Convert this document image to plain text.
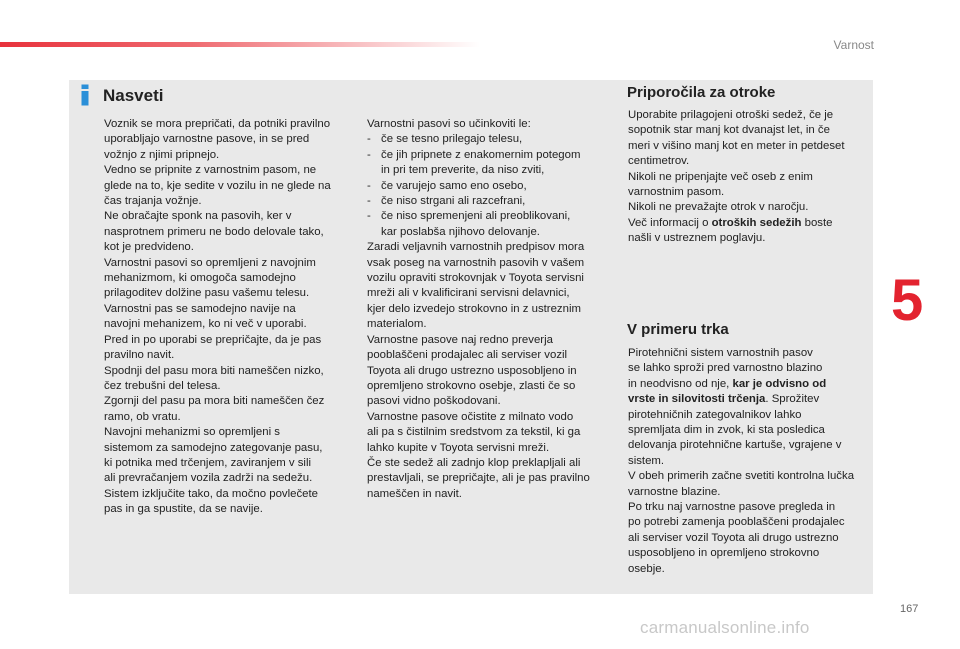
Varnost
Nasveti
Voznik se mora prepričati, da potniki pravilno
uporabljajo varnostne pasove, in se pred
vožnjo z njimi pripnejo.
Vedno se pripnite z varnostnim pasom, ne
glede na to, kje sedite v vozilu in ne glede na
čas trajanja vožnje.
Ne obračajte sponk na pasovih, ker v
nasprotnem primeru ne bodo delovale tako,
kot je predvideno.
Varnostni pasovi so opremljeni z navojnim
mehanizmom, ki omogoča samodejno
prilagoditev dolžine pasu vašemu telesu.
Varnostni pas se samodejno navije na
navojni mehanizem, ko ni več v uporabi.
Pred in po uporabi se prepričajte, da je pas
pravilno navit.
Spodnji del pasu mora biti nameščen nizko,
čez trebušni del telesa.
Zgornji del pasu pa mora biti nameščen čez
ramo, ob vratu.
Navojni mehanizmi so opremljeni s
sistemom za samodejno zategovanje pasu,
ki potnika med trčenjem, zaviranjem v sili
ali prevračanjem vozila zadrži na sedežu.
Sistem izklјučite tako, da močno povlečete
pas in ga spustite, da se navije.
Varnostni pasovi so učinkoviti le:
- če se tesno prilegajo telesu,
- če jih pripnete z enakomernim potegom
in pri tem preverite, da niso zviti,
- če varujejo samo eno osebo,
- če niso strgani ali razcefrani,
- če niso spremenjeni ali preoblikovani,
kar poslabša njihovo delovanje.
Zaradi veljavnih varnostnih predpisov mora
vsak poseg na varnostnih pasovih v vašem
vozilu opraviti strokovnjak v Toyota servisni
mreži ali v kvalificirani servisni delavnici,
kjer delo izvedejo strokovno in z ustreznim
materialom.
Varnostne pasove naj redno preverja
pooblaščeni prodajalec ali serviser vozil
Toyota ali drugo ustrezno usposobljeno in
opremljeno strokovno osebje, zlasti če so
pasovi vidno poškodovani.
Varnostne pasove očistite z milnato vodo
ali pa s čistilnim sredstvom za tekstil, ki ga
lahko kupite v Toyota servisni mreži.
Če ste sedež ali zadnjo klop preklapljali ali
prestavljali, se prepričajte, ali je pas pravilno
nameščen in navit.
Priporočila za otroke
Uporabite prilagojeni otroški sedež, če je
sopotnik star manj kot dvanajst let, in če
meri v višino manj kot en meter in petdeset
centimetrov.
Nikoli ne pripenjajte več oseb z enim
varnostnim pasom.
Nikoli ne prevažajte otrok v naročju.
Več informacij o otroških sedežih boste
našli v ustreznem poglavju.
V primeru trka
Pirotehnični sistem varnostnih pasov
se lahko sproži pred varnostno blazino
in neodvisno od nje, kar je odvisno od
vrste in silovitosti trčenja. Sprožitev
pirotehničnih zategovalnikov lahko
spremljata dim in zvok, ki sta posledica
delovanja pirotehnične kartuše, vgrajene v
sistem.
V obeh primerih začne svetiti kontrolna lučka
varnostne blazine.
Po trku naj varnostne pasove pregleda in
po potrebi zamenja pooblaščeni prodajalec
ali serviser vozil Toyota ali drugo ustrezno
usposobljeno in opremljeno strokovno
osebje.
5
167
carmanualsonline.info
